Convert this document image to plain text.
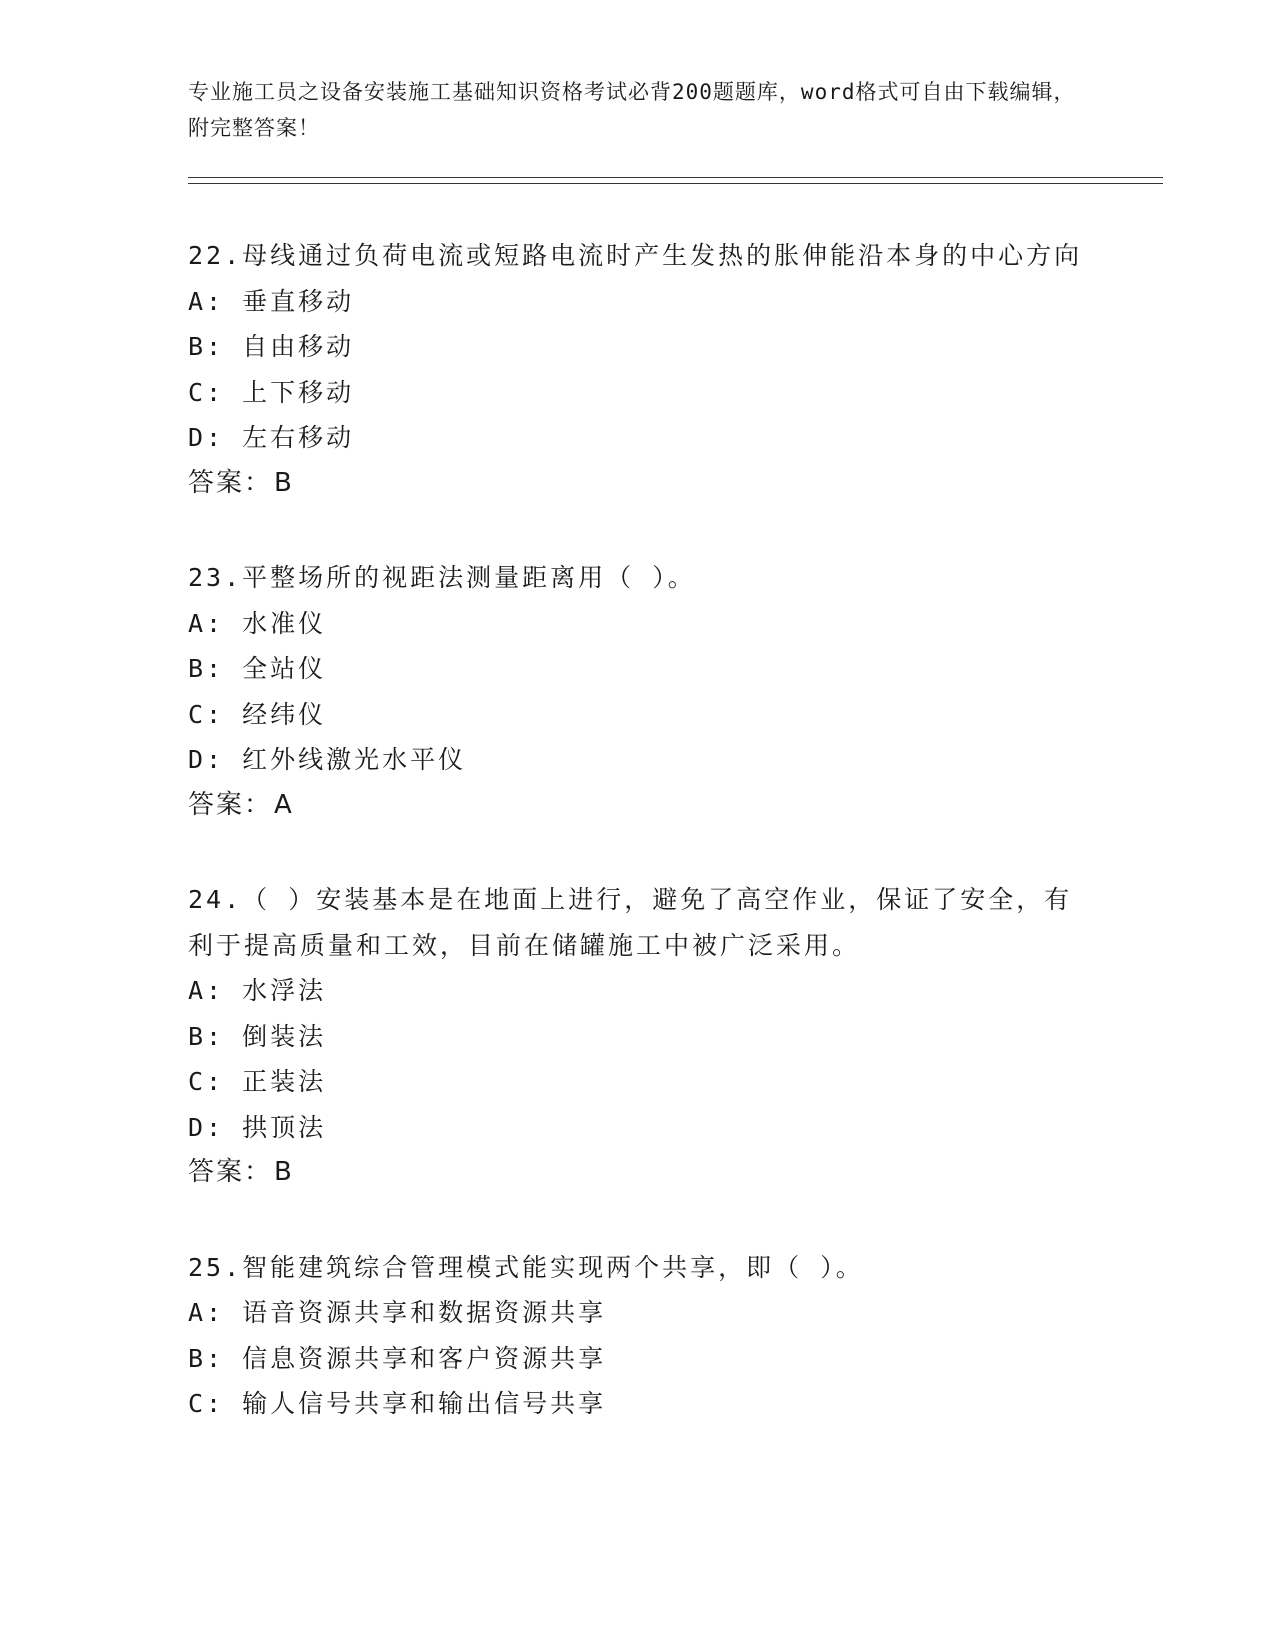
专业施工员之设备安装施工基础知识资格考试必背200题题库，word格式可自由下载编辑，附完整答案！

22.母线通过负荷电流或短路电流时产生发热的胀伸能沿本身的中心方向

A: 垂直移动

B: 自由移动

C: 上下移动

D: 左右移动

答案：B

23.平整场所的视距法测量距离用（ ）。

A: 水准仪

B: 全站仪

C: 经纬仪

D: 红外线激光水平仪

答案：A

24.（ ）安装基本是在地面上进行，避免了高空作业，保证了安全，有利于提高质量和工效，目前在储罐施工中被广泛采用。

A: 水浮法

B: 倒装法

C: 正装法

D: 拱顶法

答案：B

25.智能建筑综合管理模式能实现两个共享，即（ ）。

A: 语音资源共享和数据资源共享

B: 信息资源共享和客户资源共享

C: 输人信号共享和输出信号共享
